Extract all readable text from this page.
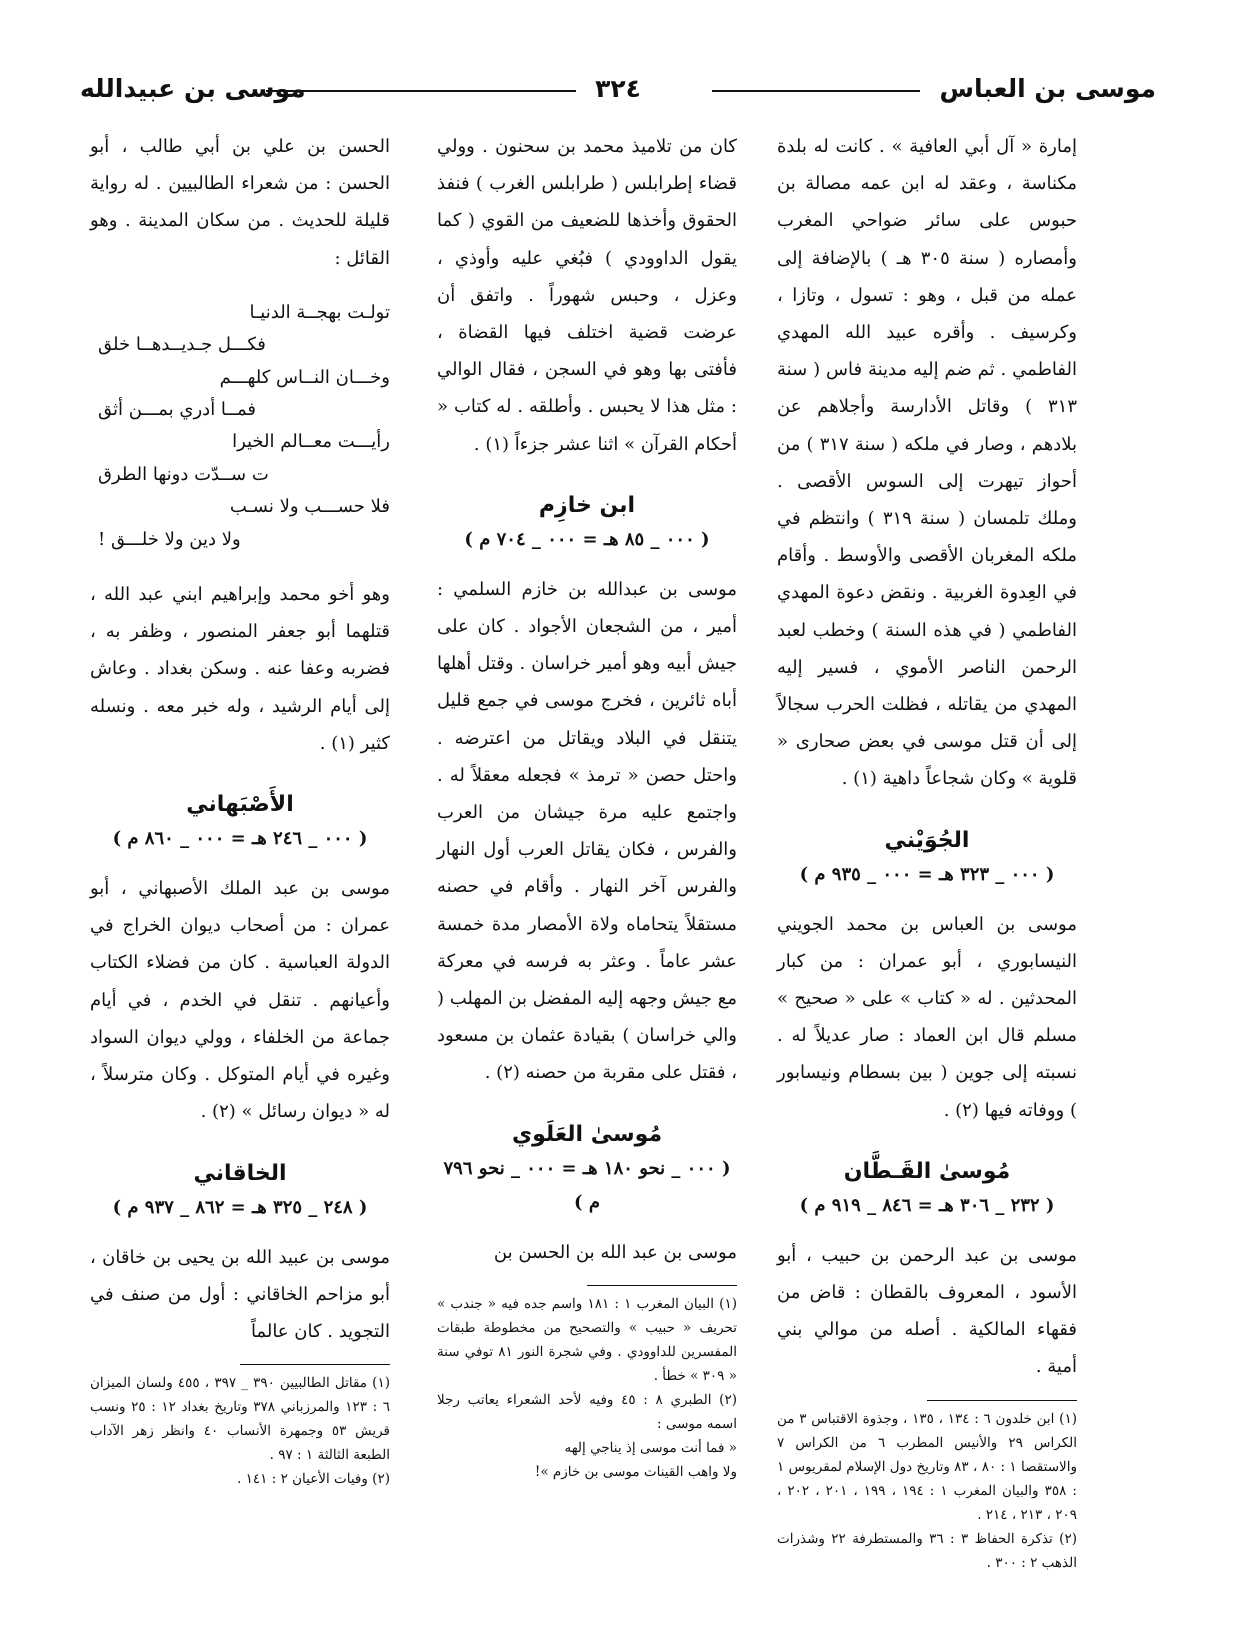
موسى بن العباس
٣٢٤
موسى بن عبيدالله

إمارة « آل أبي العافية » . كانت له بلدة مكناسة ، وعقد له ابن عمه مصالة بن حبوس على سائر ضواحي المغرب وأمصاره ( سنة ٣٠٥ هـ ) بالإضافة إلى عمله من قبل ، وهو : تسول ، وتازا ، وكرسيف . وأقره عبيد الله المهدي الفاطمي . ثم ضم إليه مدينة فاس ( سنة ٣١٣ ) وقاتل الأدارسة وأجلاهم عن بلادهم ، وصار في ملكه ( سنة ٣١٧ ) من أحواز تيهرت إلى السوس الأقصى . وملك تلمسان ( سنة ٣١٩ ) وانتظم في ملكه المغربان الأقصى والأوسط . وأقام في العِدوة الغربية . ونقض دعوة المهدي الفاطمي ( في هذه السنة ) وخطب لعبد الرحمن الناصر الأموي ، فسير إليه المهدي من يقاتله ، فظلت الحرب سجالاً إلى أن قتل موسى في بعض صحارى « قلوية » وكان شجاعاً داهية (١) .

الجُوَيْني
( ٠٠٠ _ ٣٢٣ هـ = ٠٠٠ _ ٩٣٥ م )

موسى بن العباس بن محمد الجويني النيسابوري ، أبو عمران : من كبار المحدثين . له « كتاب » على « صحيح » مسلم قال ابن العماد : صار عديلاً له . نسبته إلى جوين ( بين بسطام ونيسابور ) ووفاته فيها (٢) .

مُوسىٰ القَـطَّان
( ٢٣٢ _ ٣٠٦ هـ = ٨٤٦ _ ٩١٩ م )

موسى بن عبد الرحمن بن حبيب ، أبو الأسود ، المعروف بالقطان : قاض من فقهاء المالكية . أصله من موالي بني أمية .

(١) ابن خلدون ٦ : ١٣٤ ، ١٣٥ ، وجذوة الاقتباس ٣ من الكراس ٢٩ والأنيس المطرب ٦ من الكراس ٧ والاستقصا ١ : ٨٠ ، ٨٣ وتاريخ دول الإسلام لمقريوس ١ : ٣٥٨ والبيان المغرب ١ : ١٩٤ ، ١٩٩ ، ٢٠١ ، ٢٠٢ ، ٢٠٩ ، ٢١٣ ، ٢١٤ .

(٢) تذكرة الحفاظ ٣ : ٣٦ والمستطرفة ٢٢ وشذرات الذهب ٢ : ٣٠٠ .

كان من تلاميذ محمد بن سحنون . وولي قضاء إطرابلس ( طرابلس الغرب ) فنفذ الحقوق وأخذها للضعيف من القوي ( كما يقول الداوودي ) فبُغي عليه وأوذي ، وعزل ، وحبس شهوراً . واتفق أن عرضت قضية اختلف فيها القضاة ، فأفتى بها وهو في السجن ، فقال الوالي : مثل هذا لا يحبس . وأطلقه . له كتاب « أحكام القرآن » اثنا عشر جزءاً (١) .

ابن خازِم
( ٠٠٠ _ ٨٥ هـ = ٠٠٠ _ ٧٠٤ م )

موسى بن عبدالله بن خازم السلمي : أمير ، من الشجعان الأجواد . كان على جيش أبيه وهو أمير خراسان . وقتل أهلها أباه ثائرين ، فخرج موسى في جمع قليل يتنقل في البلاد ويقاتل من اعترضه . واحتل حصن « ترمذ » فجعله معقلاً له . واجتمع عليه مرة جيشان من العرب والفرس ، فكان يقاتل العرب أول النهار والفرس آخر النهار . وأقام في حصنه مستقلاً يتحاماه ولاة الأمصار مدة خمسة عشر عاماً . وعثر به فرسه في معركة مع جيش وجهه إليه المفضل بن المهلب ( والي خراسان ) بقيادة عثمان بن مسعود ، فقتل على مقربة من حصنه (٢) .

مُوسىٰ العَلَوي
( ٠٠٠ _ نحو ١٨٠ هـ = ٠٠٠ _ نحو ٧٩٦ م )

موسى بن عبد الله بن الحسن بن

(١) البيان المغرب ١ : ١٨١ واسم جده فيه « جندب » تحريف « حبيب » والتصحيح من مخطوطة طبقات المفسرين للداوودي . وفي شجرة النور ٨١ توفي سنة « ٣٠٩ » خطأ .

(٢) الطبري ٨ : ٤٥ وفيه لأحد الشعراء يعاتب رجلا اسمه موسى :

« فما أنت موسى إذ يناجي إلهه

ولا واهب القينات موسى بن خازم »!

الحسن بن علي بن أبي طالب ، أبو الحسن : من شعراء الطالبيين . له رواية قليلة للحديث . من سكان المدينة . وهو القائل :

تولـت بهجــة الدنيـا
فكـــل جـديــدهــا خلق
وخـــان النــاس كلهـــم
فمــا أدري بمـــن أثق
رأيـــت معــالم الخيرا
ت ســدّت دونها الطرق
فلا حســـب ولا نسـب
ولا دين ولا خلـــق !

وهو أخو محمد وإبراهيم ابني عبد الله ، قتلهما أبو جعفر المنصور ، وظفر به ، فضربه وعفا عنه . وسكن بغداد . وعاش إلى أيام الرشيد ، وله خبر معه . ونسله كثير (١) .

الأَصْبَهاني
( ٠٠٠ _ ٢٤٦ هـ = ٠٠٠ _ ٨٦٠ م )

موسى بن عبد الملك الأصبهاني ، أبو عمران : من أصحاب ديوان الخراج في الدولة العباسية . كان من فضلاء الكتاب وأعيانهم . تنقل في الخدم ، في أيام جماعة من الخلفاء ، وولي ديوان السواد وغيره في أيام المتوكل . وكان مترسلاً ، له « ديوان رسائل » (٢) .

الخاقاني
( ٢٤٨ _ ٣٢٥ هـ = ٨٦٢ _ ٩٣٧ م )

موسى بن عبيد الله بن يحيى بن خاقان ، أبو مزاحم الخاقاني : أول من صنف في التجويد . كان عالماً

(١) مقاتل الطالبيين ٣٩٠ _ ٣٩٧ ، ٤٥٥ ولسان الميزان ٦ : ١٢٣ والمرزباني ٣٧٨ وتاريخ بغداد ١٢ : ٢٥ ونسب قريش ٥٣ وجمهرة الأنساب ٤٠ وانظر زهر الآداب الطبعة الثالثة ١ : ٩٧ .

(٢) وفيات الأعيان ٢ : ١٤١ .
